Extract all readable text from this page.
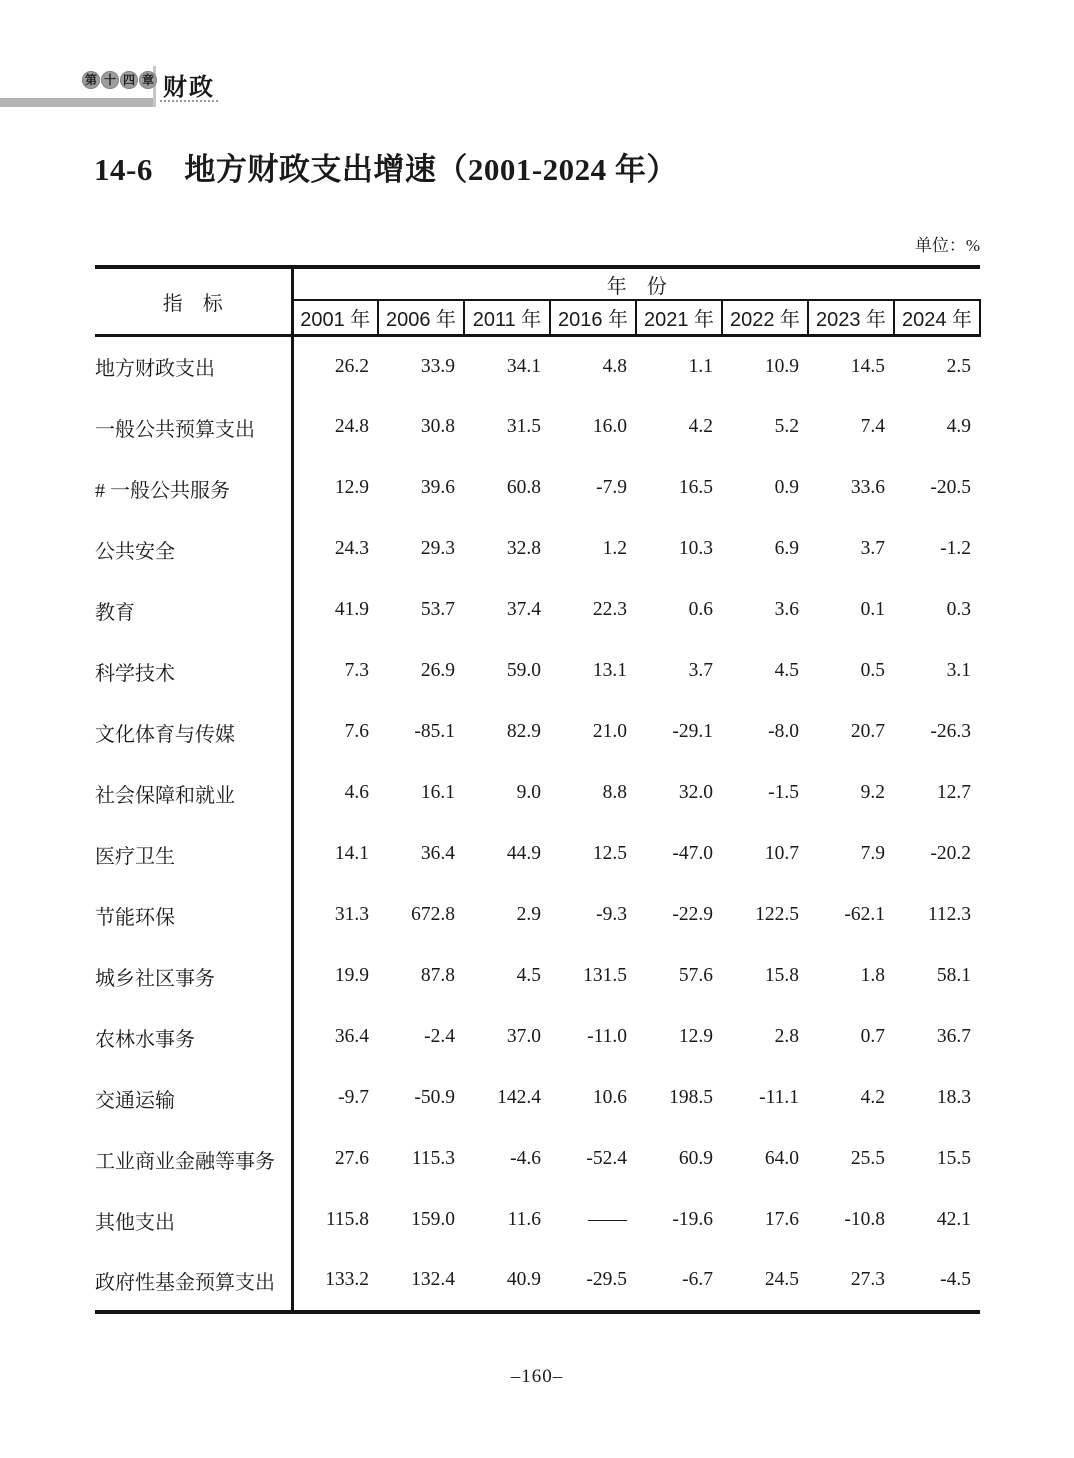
第 十 四 章 财政
14-6　地方财政支出增速（2001-2024 年）
单位：%
指　标	年　份							
	2001 年	2006 年	2011 年	2016 年	2021 年	2022 年	2023 年	2024 年
地方财政支出	26.2	33.9	34.1	4.8	1.1	10.9	14.5	2.5
一般公共预算支出	24.8	30.8	31.5	16.0	4.2	5.2	7.4	4.9
# 一般公共服务	12.9	39.6	60.8	-7.9	16.5	0.9	33.6	-20.5
公共安全	24.3	29.3	32.8	1.2	10.3	6.9	3.7	-1.2
教育	41.9	53.7	37.4	22.3	0.6	3.6	0.1	0.3
科学技术	7.3	26.9	59.0	13.1	3.7	4.5	0.5	3.1
文化体育与传媒	7.6	-85.1	82.9	21.0	-29.1	-8.0	20.7	-26.3
社会保障和就业	4.6	16.1	9.0	8.8	32.0	-1.5	9.2	12.7
医疗卫生	14.1	36.4	44.9	12.5	-47.0	10.7	7.9	-20.2
节能环保	31.3	672.8	2.9	-9.3	-22.9	122.5	-62.1	112.3
城乡社区事务	19.9	87.8	4.5	131.5	57.6	15.8	1.8	58.1
农林水事务	36.4	-2.4	37.0	-11.0	12.9	2.8	0.7	36.7
交通运输	-9.7	-50.9	142.4	10.6	198.5	-11.1	4.2	18.3
工业商业金融等事务	27.6	115.3	-4.6	-52.4	60.9	64.0	25.5	15.5
其他支出	115.8	159.0	11.6	——	-19.6	17.6	-10.8	42.1
政府性基金预算支出	133.2	132.4	40.9	-29.5	-6.7	24.5	27.3	-4.5
–160–
